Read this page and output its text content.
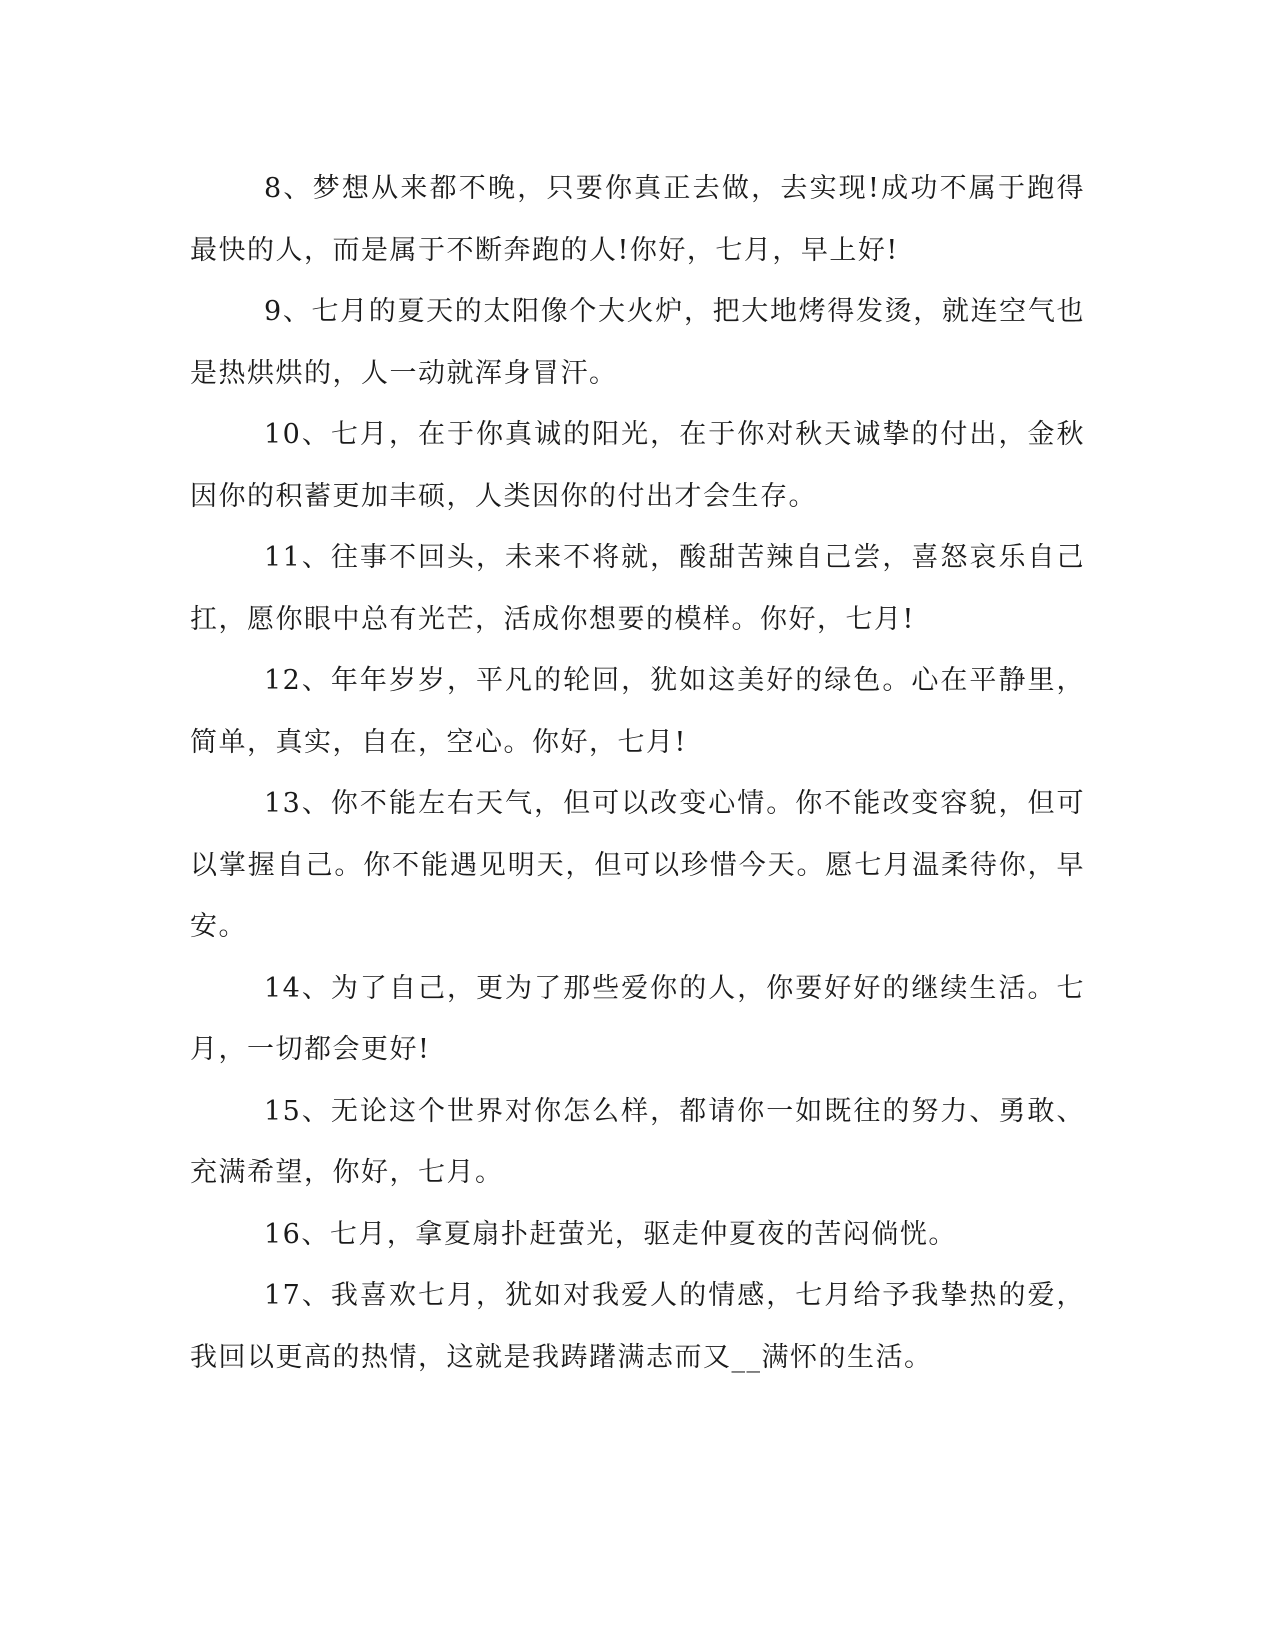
8、梦想从来都不晚，只要你真正去做，去实现!成功不属于跑得最快的人，而是属于不断奔跑的人!你好，七月，早上好!

9、七月的夏天的太阳像个大火炉，把大地烤得发烫，就连空气也是热烘烘的，人一动就浑身冒汗。

10、七月，在于你真诚的阳光，在于你对秋天诚挚的付出，金秋因你的积蓄更加丰硕，人类因你的付出才会生存。

11、往事不回头，未来不将就，酸甜苦辣自己尝，喜怒哀乐自己扛，愿你眼中总有光芒，活成你想要的模样。你好，七月!

12、年年岁岁，平凡的轮回，犹如这美好的绿色。心在平静里，简单，真实，自在，空心。你好，七月!

13、你不能左右天气，但可以改变心情。你不能改变容貌，但可以掌握自己。你不能遇见明天，但可以珍惜今天。愿七月温柔待你，早安。

14、为了自己，更为了那些爱你的人，你要好好的继续生活。七月，一切都会更好!

15、无论这个世界对你怎么样，都请你一如既往的努力、勇敢、充满希望，你好，七月。

16、七月，拿夏扇扑赶萤光，驱走仲夏夜的苦闷倘恍。

17、我喜欢七月，犹如对我爱人的情感，七月给予我挚热的爱，我回以更高的热情，这就是我踌躇满志而又__满怀的生活。
